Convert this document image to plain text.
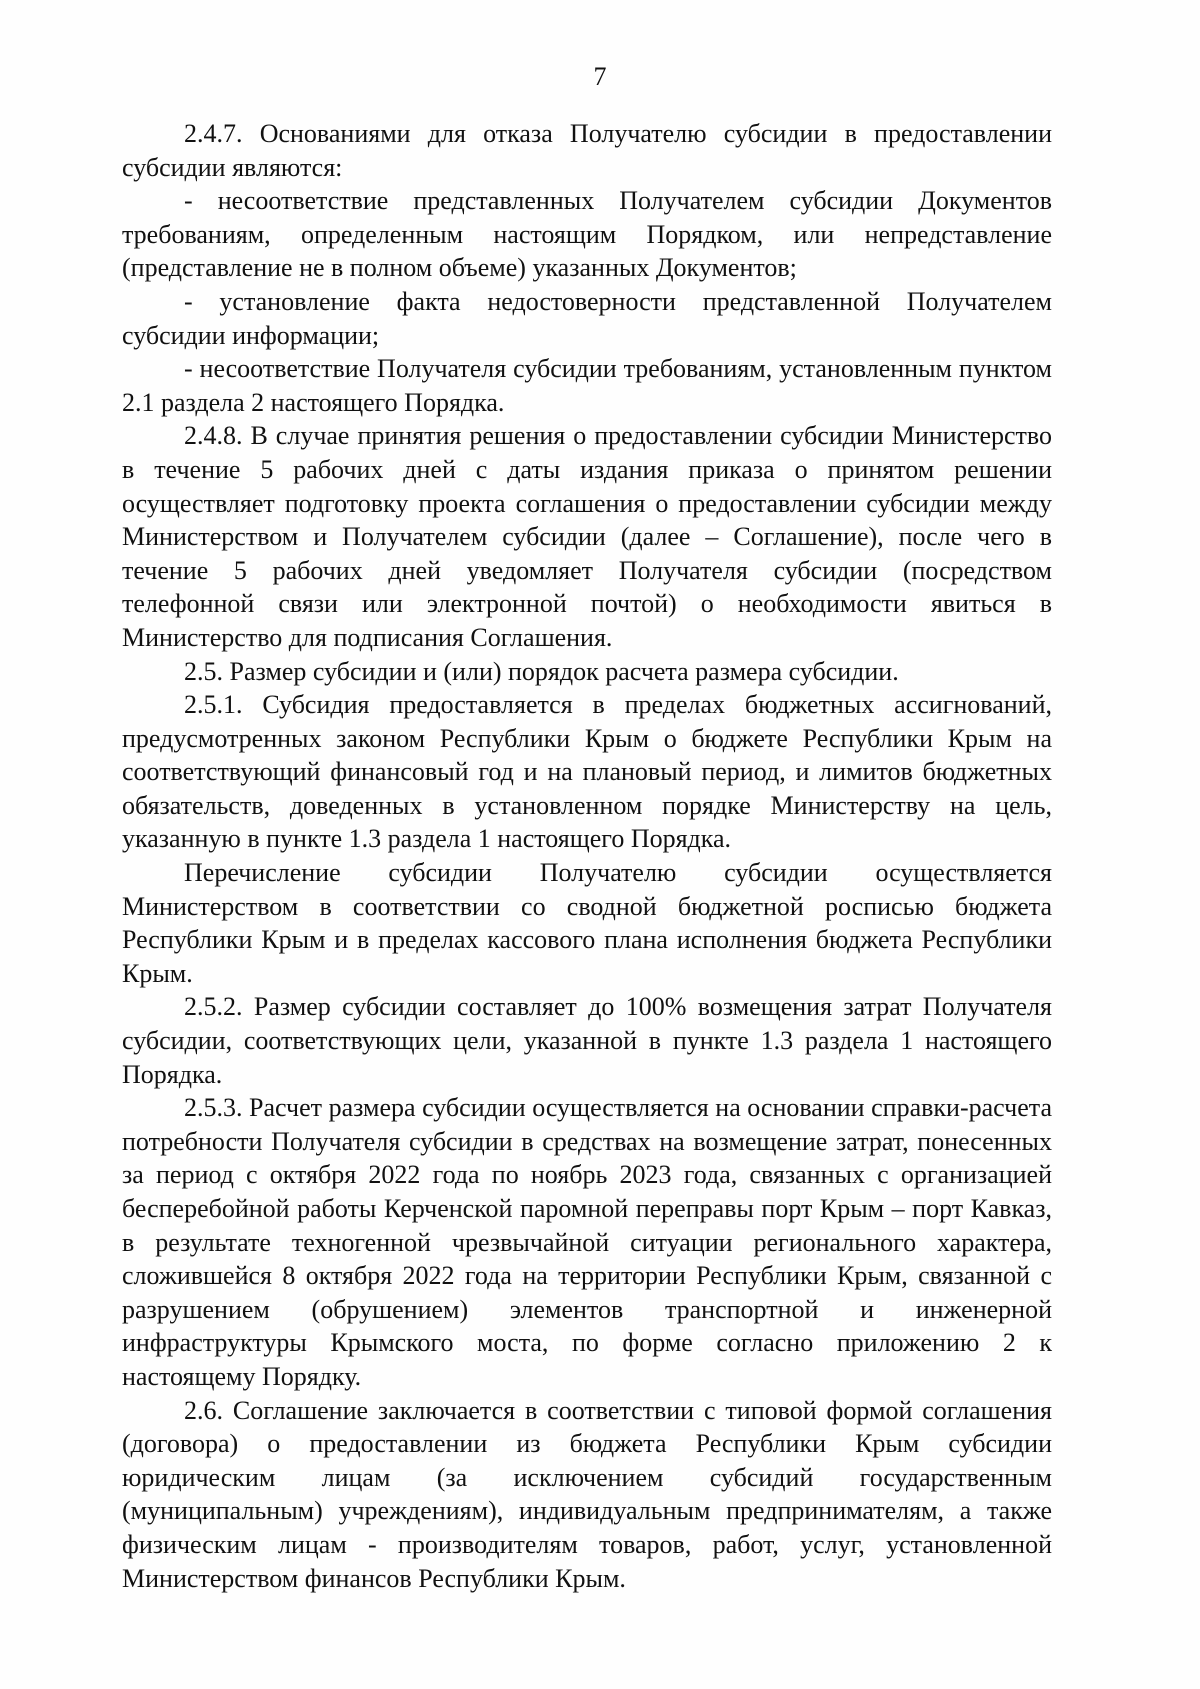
7

2.4.7. Основаниями для отказа Получателю субсидии в предоставлении субсидии являются:

- несоответствие представленных Получателем субсидии Документов требованиям, определенным настоящим Порядком, или непредставление (представление не в полном объеме) указанных Документов;

- установление факта недостоверности представленной Получателем субсидии информации;

- несоответствие Получателя субсидии требованиям, установленным пунктом 2.1 раздела 2 настоящего Порядка.

2.4.8. В случае принятия решения о предоставлении субсидии Министерство в течение 5 рабочих дней с даты издания приказа о принятом решении осуществляет подготовку проекта соглашения о предоставлении субсидии между Министерством и Получателем субсидии (далее – Соглашение), после чего в течение 5 рабочих дней уведомляет Получателя субсидии (посредством телефонной связи или электронной почтой) о необходимости явиться в Министерство для подписания Соглашения.

2.5. Размер субсидии и (или) порядок расчета размера субсидии.

2.5.1. Субсидия предоставляется в пределах бюджетных ассигнований, предусмотренных законом Республики Крым о бюджете Республики Крым на соответствующий финансовый год и на плановый период, и лимитов бюджетных обязательств, доведенных в установленном порядке Министерству на цель, указанную в пункте 1.3 раздела 1 настоящего Порядка.

Перечисление субсидии Получателю субсидии осуществляется Министерством в соответствии со сводной бюджетной росписью бюджета Республики Крым и в пределах кассового плана исполнения бюджета Республики Крым.

2.5.2. Размер субсидии составляет до 100% возмещения затрат Получателя субсидии, соответствующих цели, указанной в пункте 1.3 раздела 1 настоящего Порядка.

2.5.3. Расчет размера субсидии осуществляется на основании справки-расчета потребности Получателя субсидии в средствах на возмещение затрат, понесенных за период с октября 2022 года по ноябрь 2023 года, связанных с организацией бесперебойной работы Керченской паромной переправы порт Крым – порт Кавказ, в результате техногенной чрезвычайной ситуации регионального характера, сложившейся 8 октября 2022 года на территории Республики Крым, связанной с разрушением (обрушением) элементов транспортной и инженерной инфраструктуры Крымского моста, по форме согласно приложению 2 к настоящему Порядку.

2.6. Соглашение заключается в соответствии с типовой формой соглашения (договора) о предоставлении из бюджета Республики Крым субсидии юридическим лицам (за исключением субсидий государственным (муниципальным) учреждениям), индивидуальным предпринимателям, а также физическим лицам - производителям товаров, работ, услуг, установленной Министерством финансов Республики Крым.
